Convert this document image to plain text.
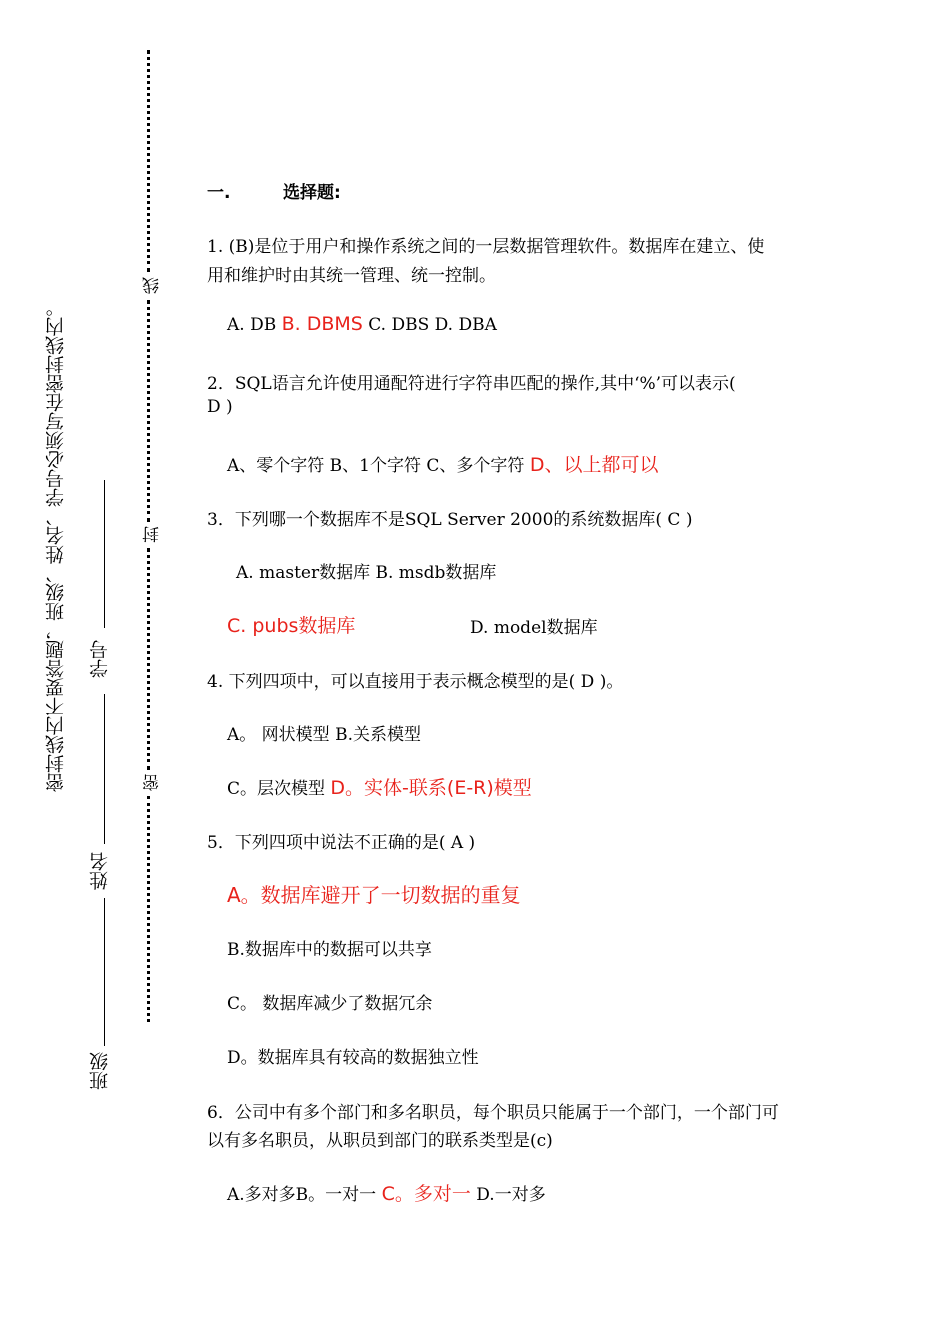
密封线内不要答题，班级、姓名、学号必须写在密封线内。 学号
姓名
班级
线
封
密
一.	选择题:
1. (B)是位于用户和操作系统之间的一层数据管理软件。数据库在建立、使
用和维护时由其统一管理、统一控制。
A. DB B. DBMS C. DBS D. DBA
2．SQL语言允许使用通配符进行字符串匹配的操作,其中‘%’可以表示(
D )
A、零个字符 B、1个字符 C、多个字符 D、以上都可以
3．下列哪一个数据库不是SQL Server 2000的系统数据库( C )
A. master数据库 B. msdb数据库
C. pubs数据库	D. model数据库
4. 下列四项中，可以直接用于表示概念模型的是( D )。
A。 网状模型 B.关系模型
C。层次模型 D。实体-联系(E-R)模型
5．下列四项中说法不正确的是( A )
A。数据库避开了一切数据的重复
B.数据库中的数据可以共享
C。 数据库减少了数据冗余
D。数据库具有较高的数据独立性
6．公司中有多个部门和多名职员，每个职员只能属于一个部门，一个部门可
以有多名职员，从职员到部门的联系类型是(c)
A.多对多B。一对一 C。多对一 D.一对多
